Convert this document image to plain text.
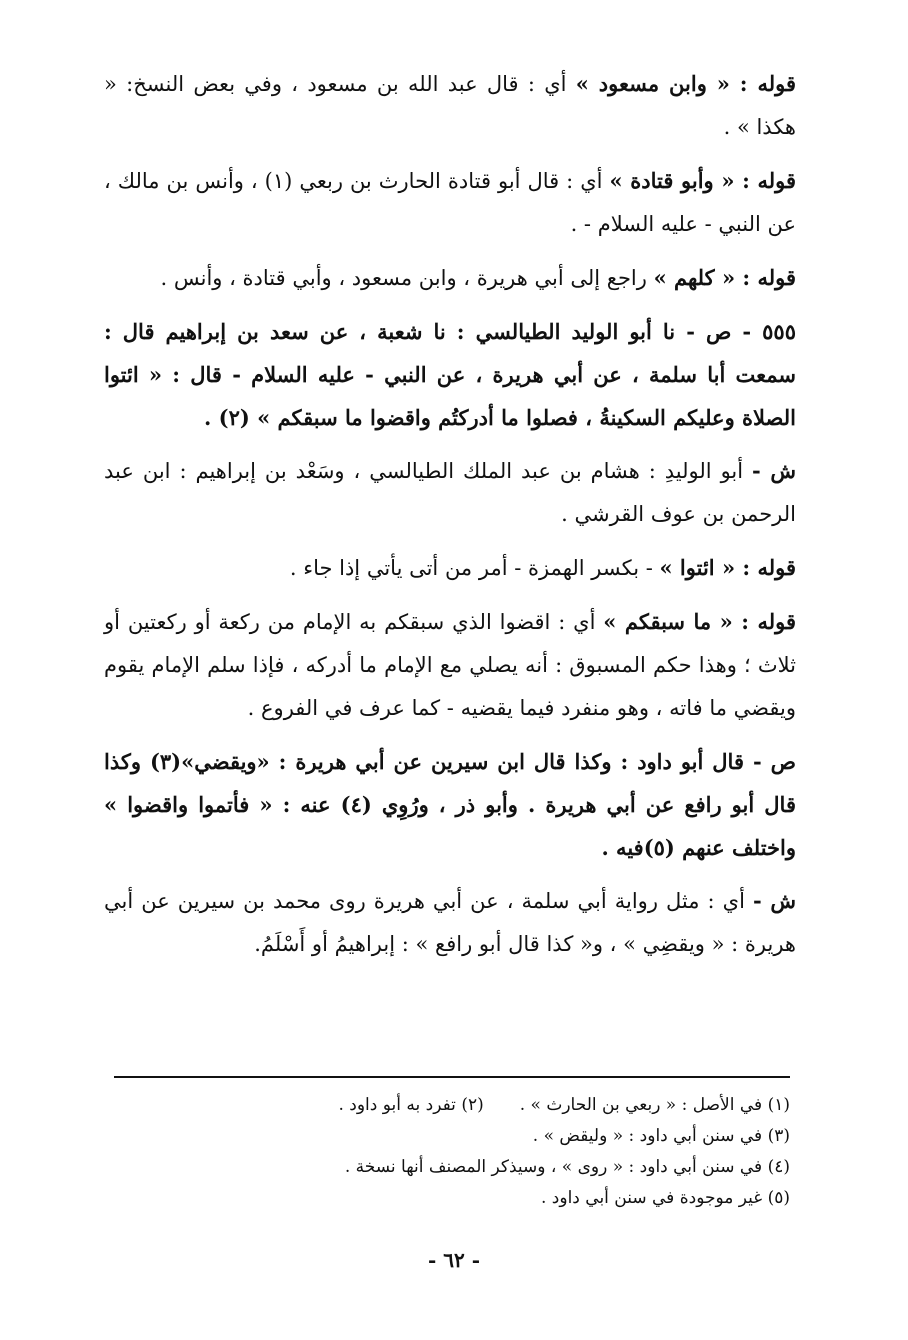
قوله : « وابن مسعود » أي : قال عبد الله بن مسعود ، وفي بعض النسخ: « هكذا » .

قوله : « وأبو قتادة » أي : قال أبو قتادة الحارث بن ربعي (١) ، وأنس بن مالك ، عن النبي - عليه السلام - .

قوله : « كلهم » راجع إلى أبي هريرة ، وابن مسعود ، وأبي قتادة ، وأنس .

٥٥٥ - ص - نا أبو الوليد الطيالسي : نا شعبة ، عن سعد بن إبراهيم قال : سمعت أبا سلمة ، عن أبي هريرة ، عن النبي - عليه السلام - قال : « ائتوا الصلاة وعليكم السكينةُ ، فصلوا ما أدركتُم واقضوا ما سبقكم » (٢) .

ش - أبو الوليدِ : هشام بن عبد الملك الطيالسي ، وسَعْد بن إبراهيم : ابن عبد الرحمن بن عوف القرشي .

قوله : « ائتوا » - بكسر الهمزة - أمر من أتى يأتي إذا جاء .

قوله : « ما سبقكم » أي : اقضوا الذي سبقكم به الإمام من ركعة أو ركعتين أو ثلاث ؛ وهذا حكم المسبوق : أنه يصلي مع الإمام ما أدركه ، فإذا سلم الإمام يقوم ويقضي ما فاته ، وهو منفرد فيما يقضيه - كما عرف في الفروع .

ص - قال أبو داود : وكذا قال ابن سيرين عن أبي هريرة : «ويقضي»(٣) وكذا قال أبو رافع عن أبي هريرة . وأبو ذر ، ورُوِي (٤) عنه : « فأتموا واقضوا » واختلف عنهم (٥)فيه .

ش - أي : مثل رواية أبي سلمة ، عن أبي هريرة روى محمد بن سيرين عن أبي هريرة : « ويقضِي » ، و« كذا قال أبو رافع » : إبراهيمُ أو أَسْلَمُ.

(١) في الأصل : « ربعي بن الحارث » .
(٢) تفرد به أبو داود .
(٣) في سنن أبي داود : « وليقض » .
(٤) في سنن أبي داود : « روى » ، وسيذكر المصنف أنها نسخة .
(٥) غير موجودة في سنن أبي داود .
- ٦٢ -
